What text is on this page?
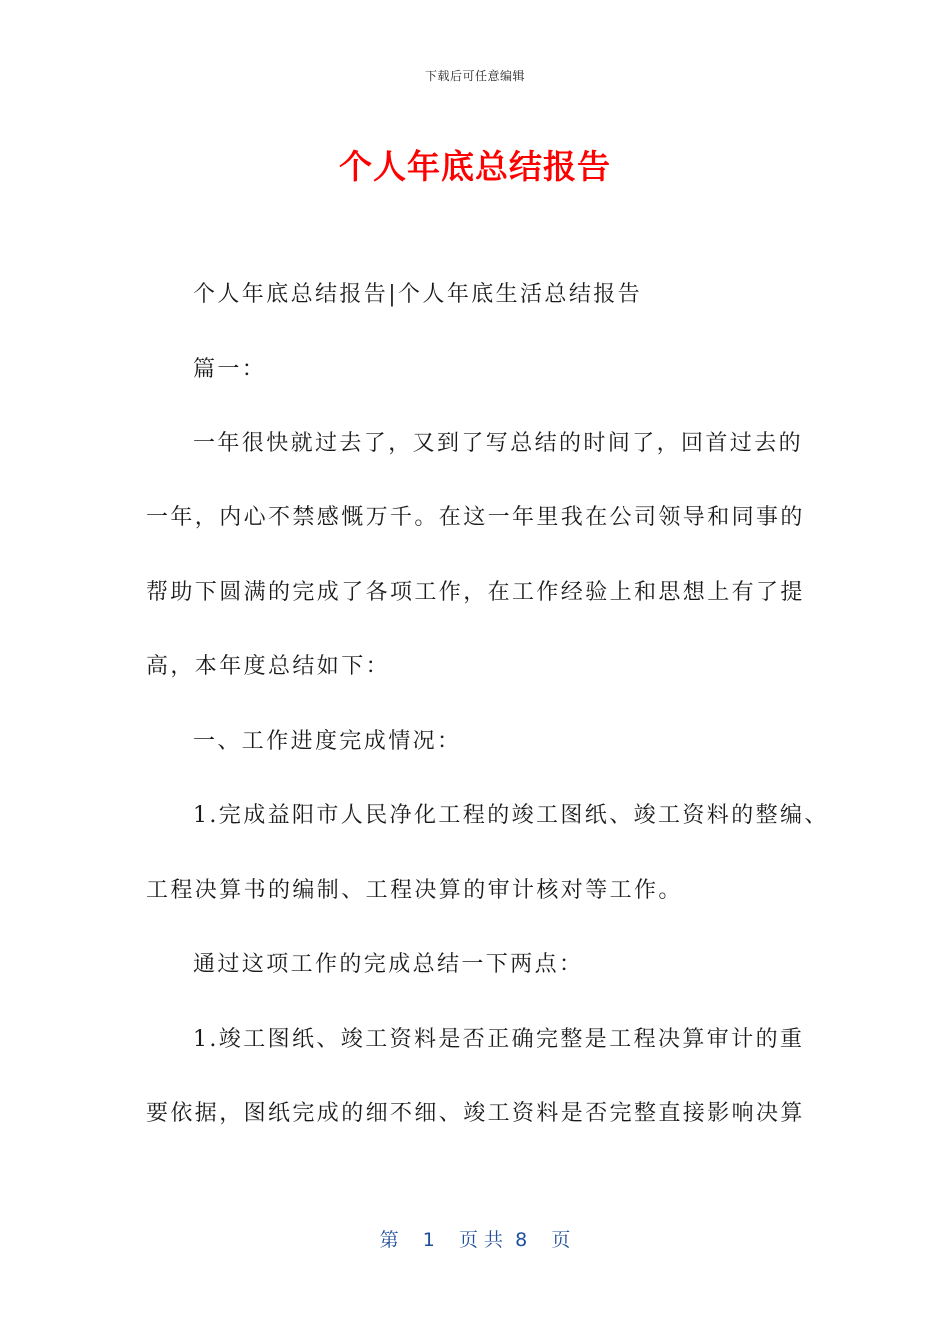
下载后可任意编辑
个人年底总结报告
个人年底总结报告|个人年底生活总结报告
篇一：
一年很快就过去了，又到了写总结的时间了，回首过去的
一年，内心不禁感慨万千。在这一年里我在公司领导和同事的
帮助下圆满的完成了各项工作，在工作经验上和思想上有了提
高，本年度总结如下：
一、工作进度完成情况：
1.完成益阳市人民净化工程的竣工图纸、竣工资料的整编、
工程决算书的编制、工程决算的审计核对等工作。
通过这项工作的完成总结一下两点：
1.竣工图纸、竣工资料是否正确完整是工程决算审计的重
要依据，图纸完成的细不细、竣工资料是否完整直接影响决算
第 1 页 共 8 页
